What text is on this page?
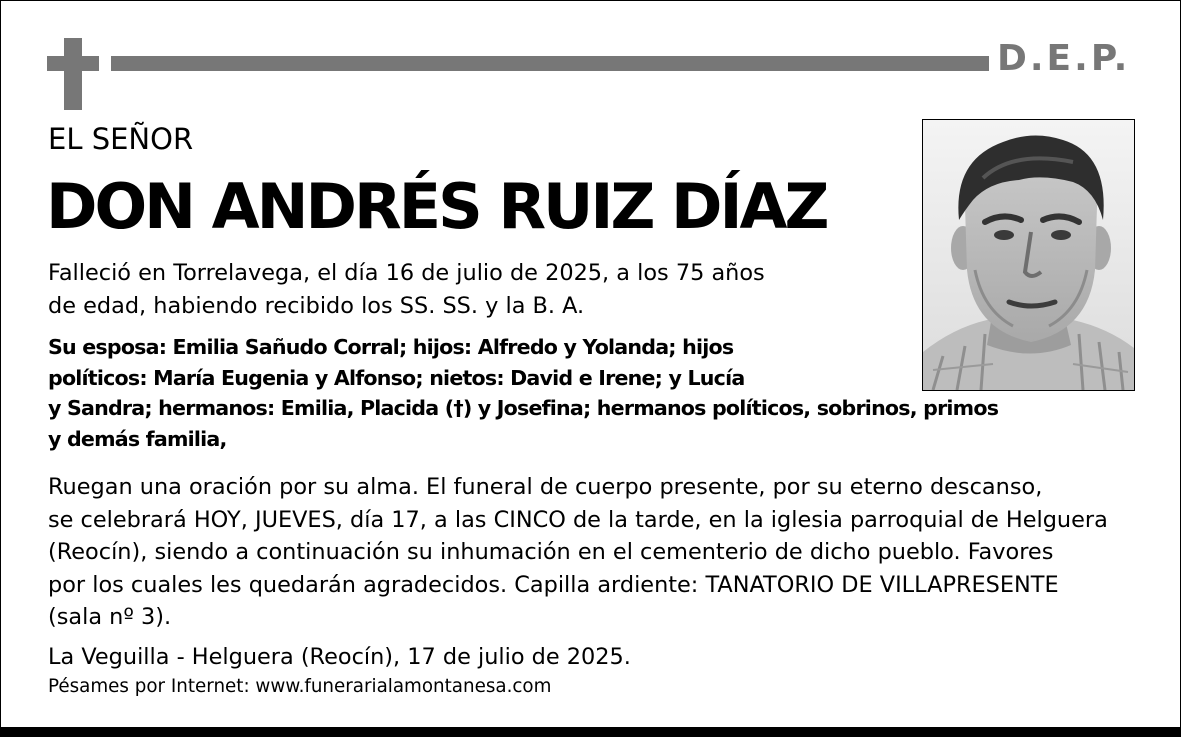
D.E.P.
EL SEÑOR
DON ANDRÉS RUIZ DÍAZ

Falleció en Torrelavega, el día 16 de julio de 2025, a los 75 años
de edad, habiendo recibido los SS. SS. y la B. A.

Su esposa: Emilia Sañudo Corral; hijos: Alfredo y Yolanda; hijos
políticos: María Eugenia y Alfonso; nietos: David e Irene; y Lucía
y Sandra; hermanos: Emilia, Placida (†) y Josefina; hermanos políticos, sobrinos, primos
y demás familia,

Ruegan una oración por su alma. El funeral de cuerpo presente, por su eterno descanso,
se celebrará HOY, JUEVES, día 17, a las CINCO de la tarde, en la iglesia parroquial de Helguera
(Reocín), siendo a continuación su inhumación en el cementerio de dicho pueblo. Favores
por los cuales les quedarán agradecidos. Capilla ardiente: TANATORIO DE VILLAPRESENTE
(sala nº 3).

La Veguilla - Helguera (Reocín), 17 de julio de 2025.

Pésames por Internet: www.funerarialamontanesa.com
